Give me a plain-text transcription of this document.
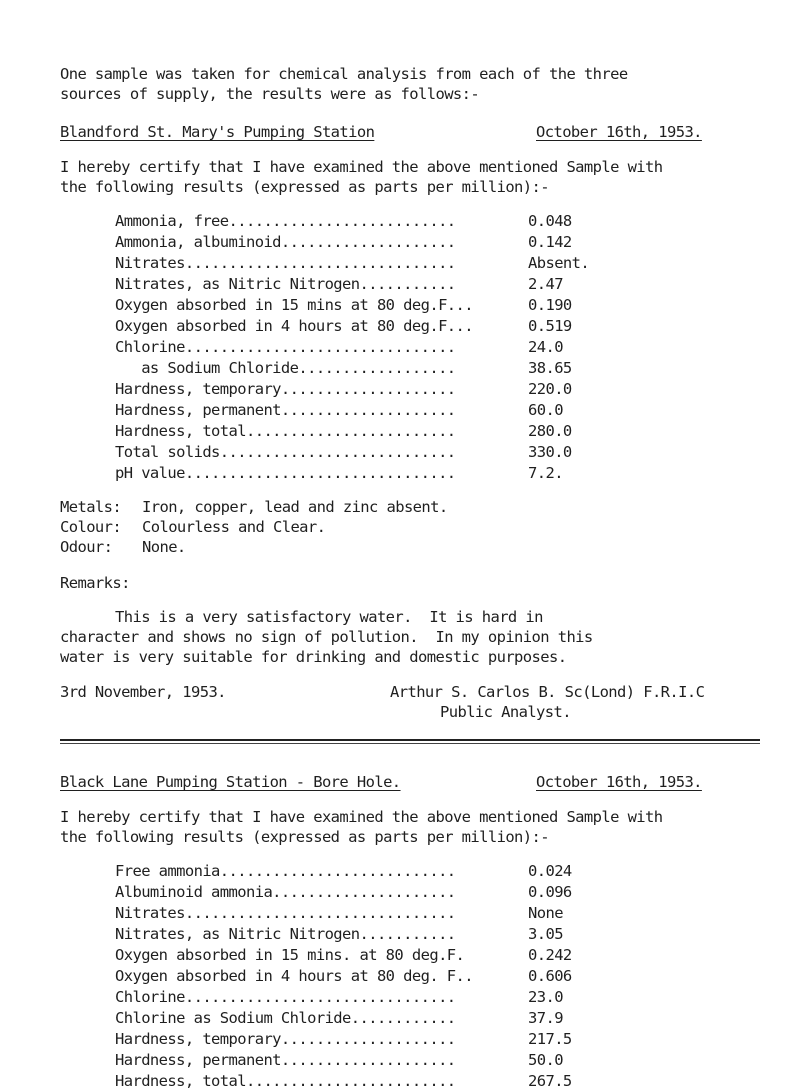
One sample was taken for chemical analysis from each of the three
sources of supply, the results were as follows:-
Blandford St. Mary's Pumping Station	October 16th, 1953.
I hereby certify that I have examined the above mentioned Sample with
the following results (expressed as parts per million):-
Ammonia, free..........................	0.048
Ammonia, albuminoid....................	0.142
Nitrates...............................	Absent.
Nitrates, as Nitric Nitrogen...........	2.47
Oxygen absorbed in 15 mins at 80 deg.F...	0.190
Oxygen absorbed in 4 hours at 80 deg.F...	0.519
Chlorine...............................	24.0
as Sodium Chloride..................	38.65
Hardness, temporary....................	220.0
Hardness, permanent....................	60.0
Hardness, total........................	280.0
Total solids...........................	330.0
pH value...............................	7.2.
Metals: Iron, copper, lead and zinc absent.
Colour: Colourless and Clear.
Odour: None.
Remarks:
This is a very satisfactory water.  It is hard in
character and shows no sign of pollution.  In my opinion this
water is very suitable for drinking and domestic purposes.
3rd November, 1953.	Arthur S. Carlos B. Sc(Lond) F.R.I.C
Public Analyst.
Black Lane Pumping Station - Bore Hole.	October 16th, 1953.
I hereby certify that I have examined the above mentioned Sample with
the following results (expressed as parts per million):-
Free ammonia...........................	0.024
Albuminoid ammonia.....................	0.096
Nitrates...............................	None
Nitrates, as Nitric Nitrogen...........	3.05
Oxygen absorbed in 15 mins. at 80 deg.F.	0.242
Oxygen absorbed in 4 hours at 80 deg. F..	0.606
Chlorine...............................	23.0
Chlorine as Sodium Chloride............	37.9
Hardness, temporary....................	217.5
Hardness, permanent....................	50.0
Hardness, total........................	267.5
